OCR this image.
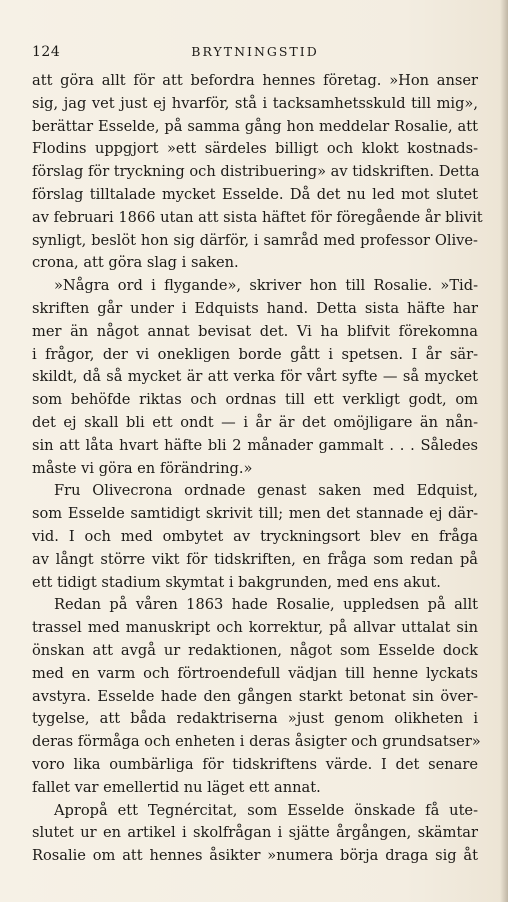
124	BRYTNINGSTID
att göra allt för att befordra hennes företag. »Hon anser
sig, jag vet just ej hvarför, stå i tacksamhetsskuld till mig»,
berättar Esselde, på samma gång hon meddelar Rosalie, att
Flodins uppgjort »ett särdeles billigt och klokt kostnads-
förslag för tryckning och distribuering» av tidskriften. Detta
förslag tilltalade mycket Esselde. Då det nu led mot slutet
av februari 1866 utan att sista häftet för föregående år blivit
synligt, beslöt hon sig därför, i samråd med professor Olive-
crona, att göra slag i saken.
»Några ord i flygande», skriver hon till Rosalie. »Tid-
skriften går under i Edquists hand. Detta sista häfte har
mer än något annat bevisat det. Vi ha blifvit förekomna
i frågor, der vi onekligen borde gått i spetsen. I år sär-
skildt, då så mycket är att verka för vårt syfte — så mycket
som behöfde riktas och ordnas till ett verkligt godt, om
det ej skall bli ett ondt — i år är det omöjligare än nån-
sin att låta hvart häfte bli 2 månader gammalt . . . Således
måste vi göra en förändring.»
Fru Olivecrona ordnade genast saken med Edquist,
som Esselde samtidigt skrivit till; men det stannade ej där-
vid. I och med ombytet av tryckningsort blev en fråga
av långt större vikt för tidskriften, en fråga som redan på
ett tidigt stadium skymtat i bakgrunden, med ens akut.
Redan på våren 1863 hade Rosalie, uppledsen på allt
trassel med manuskript och korrektur, på allvar uttalat sin
önskan att avgå ur redaktionen, något som Esselde dock
med en varm och förtroendefull vädjan till henne lyckats
avstyra. Esselde hade den gången starkt betonat sin över-
tygelse, att båda redaktriserna »just genom olikheten i
deras förmåga och enheten i deras åsigter och grundsatser»
voro lika oumbärliga för tidskriftens värde. I det senare
fallet var emellertid nu läget ett annat.
Apropå ett Tegnércitat, som Esselde önskade få ute-
slutet ur en artikel i skolfrågan i sjätte årgången, skämtar
Rosalie om att hennes åsikter »numera börja draga sig åt
